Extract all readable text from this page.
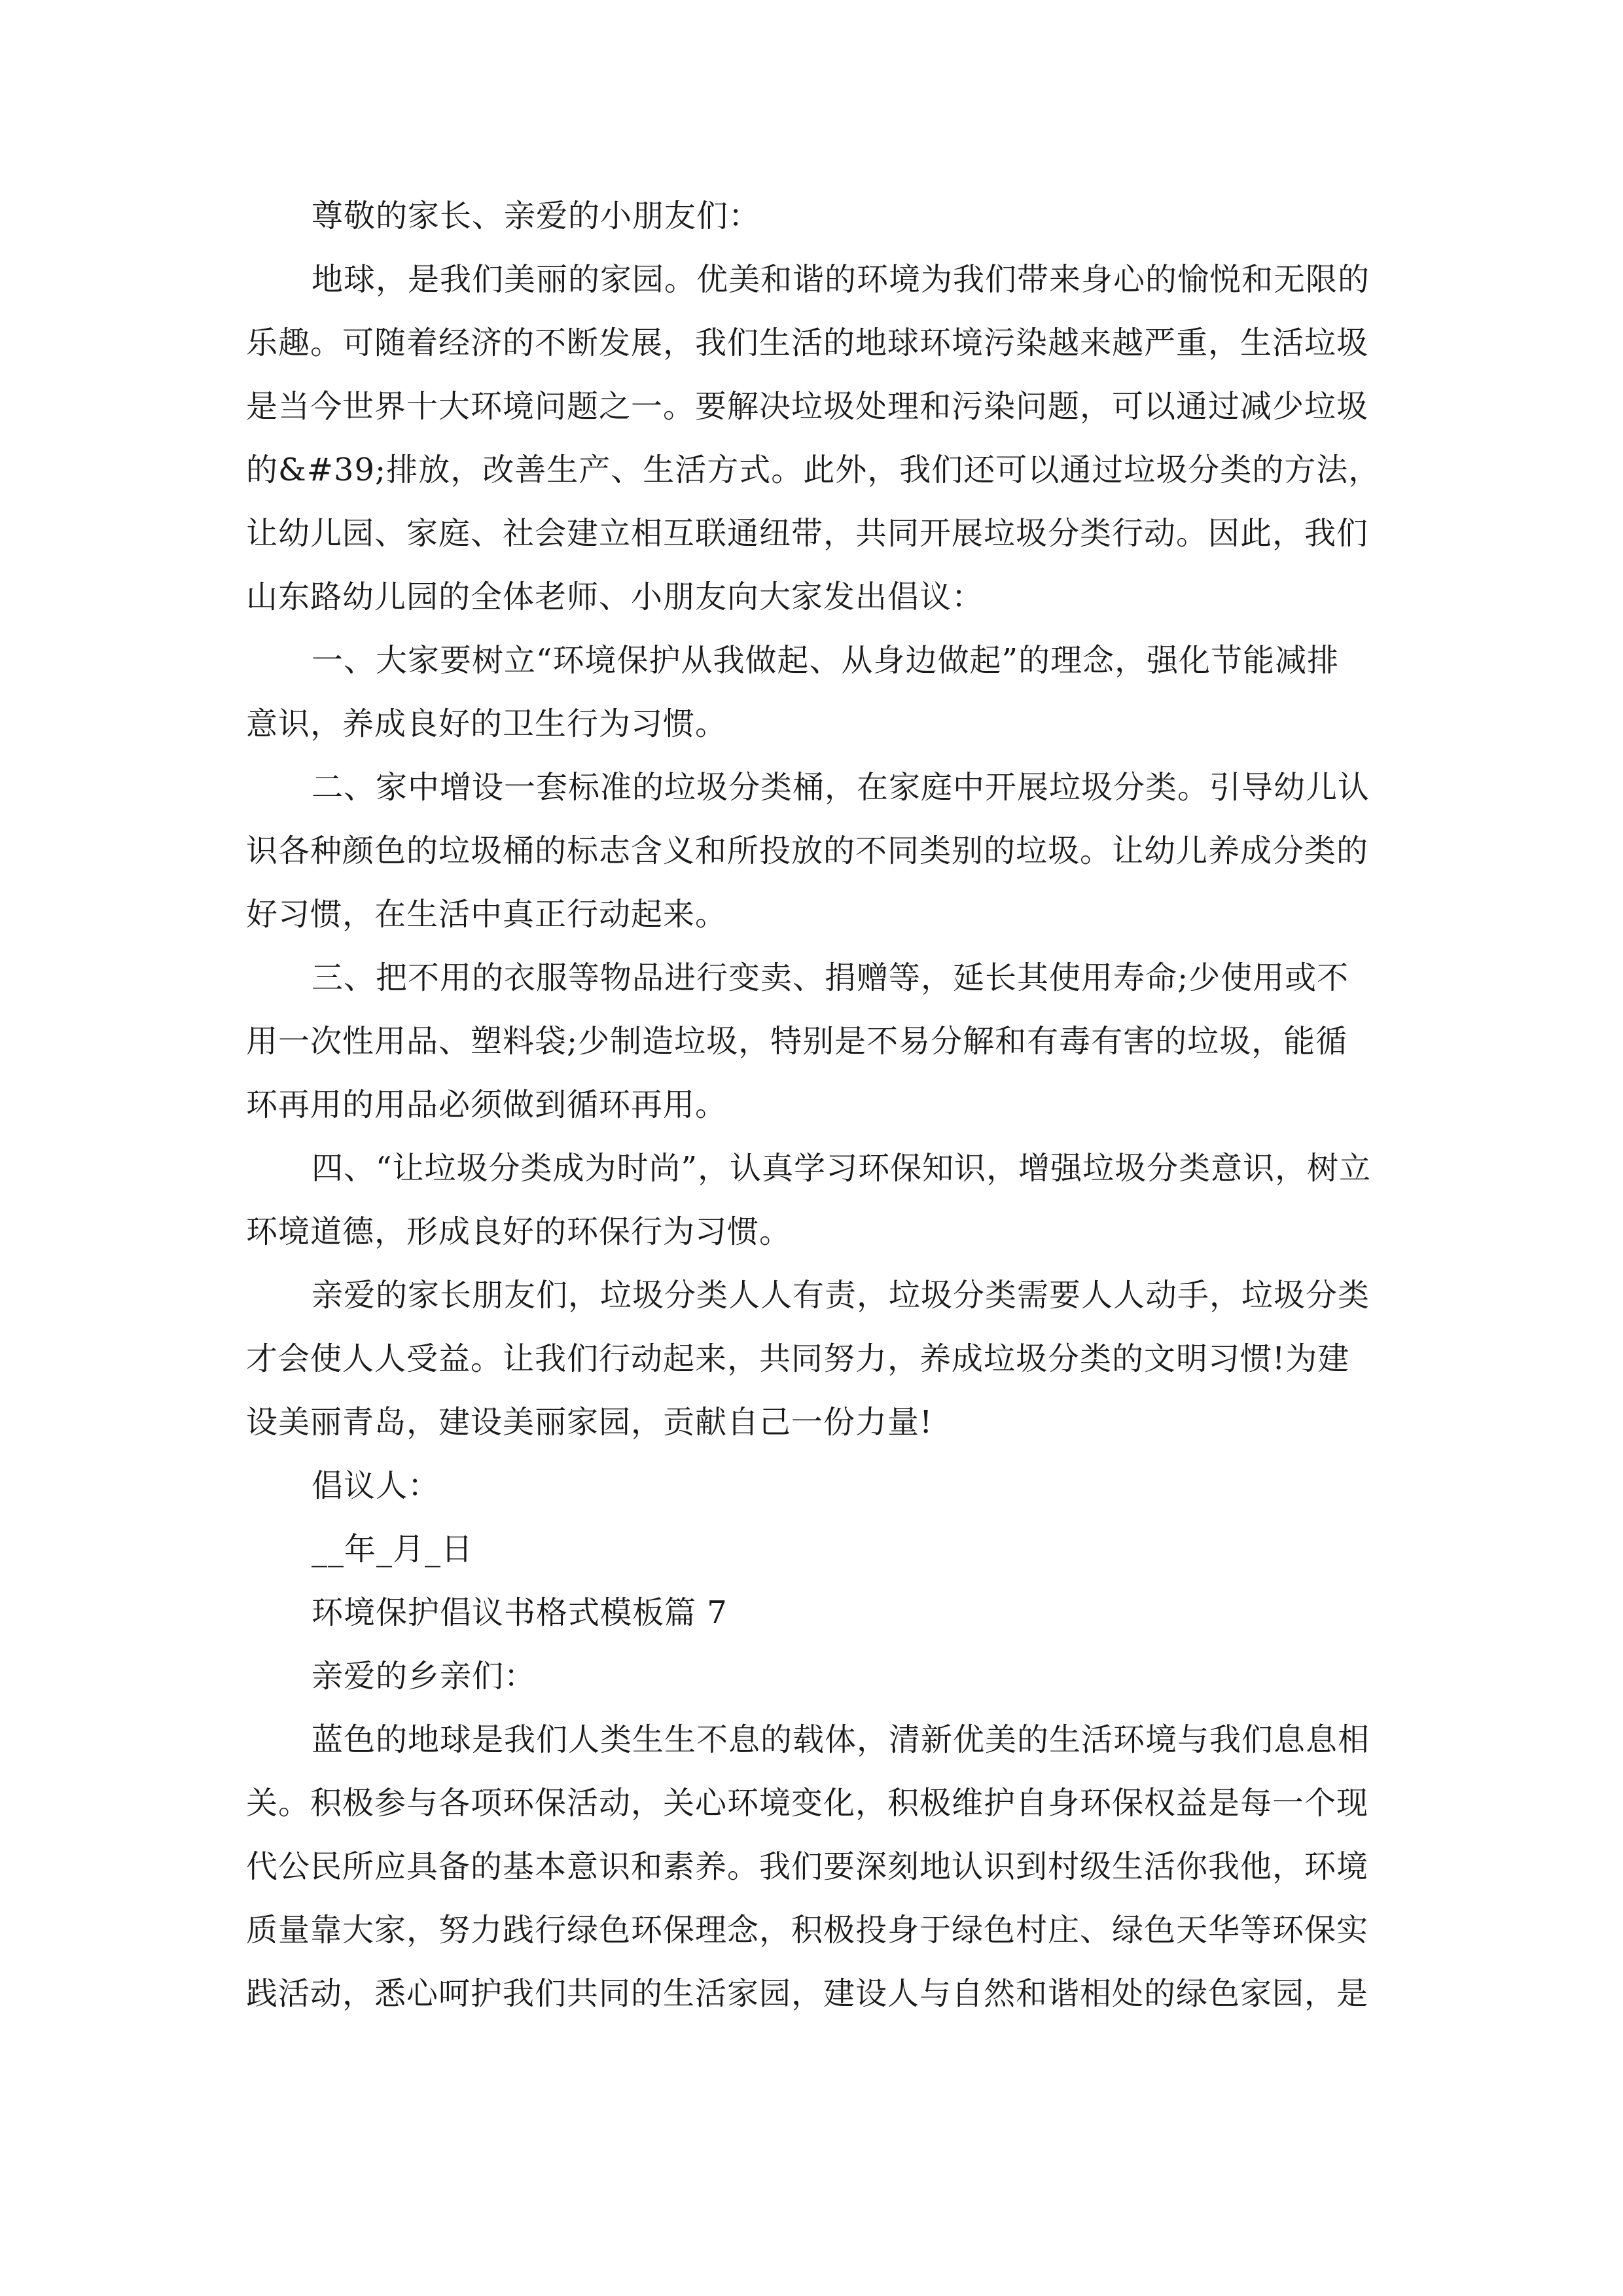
尊敬的家长、亲爱的小朋友们：
地球，是我们美丽的家园。优美和谐的环境为我们带来身心的愉悦和无限的
乐趣。可随着经济的不断发展，我们生活的地球环境污染越来越严重，生活垃圾
是当今世界十大环境问题之一。要解决垃圾处理和污染问题，可以通过减少垃圾
的&#39;排放，改善生产、生活方式。此外，我们还可以通过垃圾分类的方法，
让幼儿园、家庭、社会建立相互联通纽带，共同开展垃圾分类行动。因此，我们
山东路幼儿园的全体老师、小朋友向大家发出倡议：
一、大家要树立“环境保护从我做起、从身边做起”的理念，强化节能减排
意识，养成良好的卫生行为习惯。
二、家中增设一套标准的垃圾分类桶，在家庭中开展垃圾分类。引导幼儿认
识各种颜色的垃圾桶的标志含义和所投放的不同类别的垃圾。让幼儿养成分类的
好习惯，在生活中真正行动起来。
三、把不用的衣服等物品进行变卖、捐赠等，延长其使用寿命;少使用或不
用一次性用品、塑料袋;少制造垃圾，特别是不易分解和有毒有害的垃圾，能循
环再用的用品必须做到循环再用。
四、“让垃圾分类成为时尚”，认真学习环保知识，增强垃圾分类意识，树立
环境道德，形成良好的环保行为习惯。
亲爱的家长朋友们，垃圾分类人人有责，垃圾分类需要人人动手，垃圾分类
才会使人人受益。让我们行动起来，共同努力，养成垃圾分类的文明习惯!为建
设美丽青岛，建设美丽家园，贡献自己一份力量!
倡议人：
__年_月_日
环境保护倡议书格式模板篇 7
亲爱的乡亲们：
蓝色的地球是我们人类生生不息的载体，清新优美的生活环境与我们息息相
关。积极参与各项环保活动，关心环境变化，积极维护自身环保权益是每一个现
代公民所应具备的基本意识和素养。我们要深刻地认识到村级生活你我他，环境
质量靠大家，努力践行绿色环保理念，积极投身于绿色村庄、绿色天华等环保实
践活动，悉心呵护我们共同的生活家园，建设人与自然和谐相处的绿色家园，是
